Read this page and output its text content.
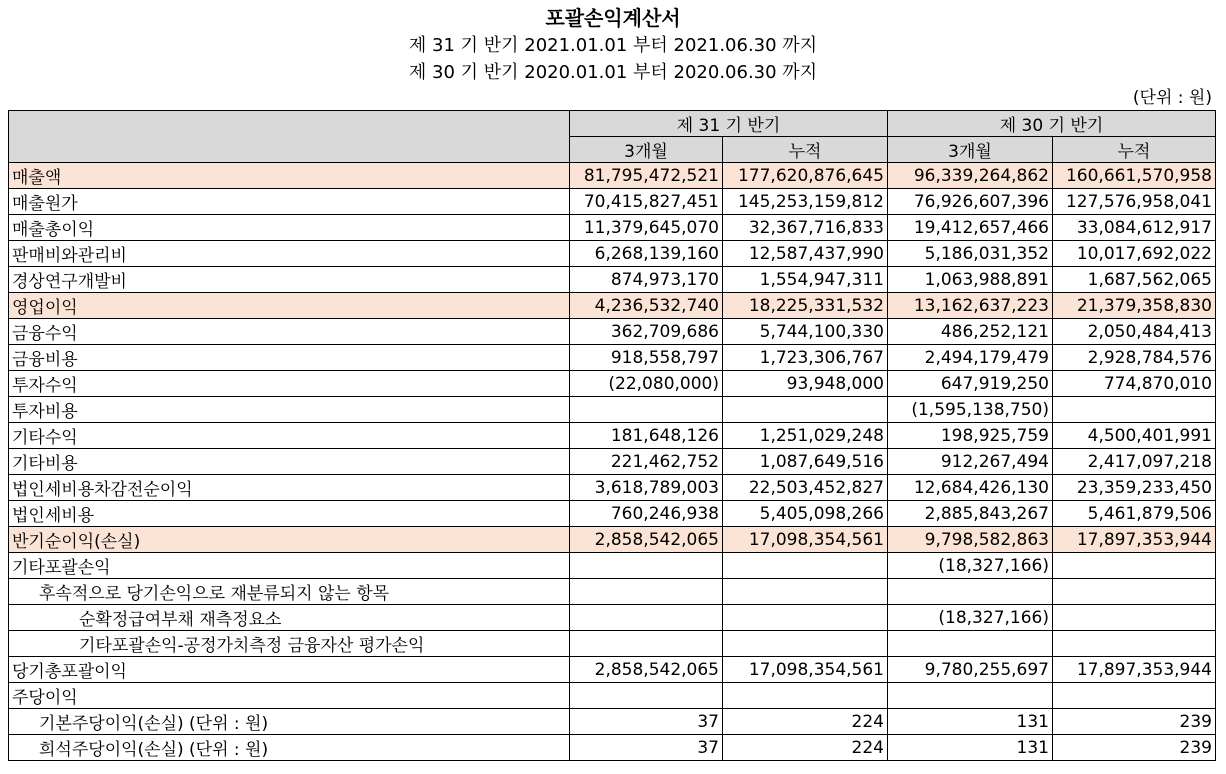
포괄손익계산서
제 31 기 반기 2021.01.01 부터 2021.06.30 까지
제 30 기 반기 2020.01.01 부터 2020.06.30 까지
(단위 : 원)
	제 31 기 반기		제 30 기 반기	
	3개월	누적	3개월	누적
매출액	81,795,472,521	177,620,876,645	96,339,264,862	160,661,570,958
매출원가	70,415,827,451	145,253,159,812	76,926,607,396	127,576,958,041
매출총이익	11,379,645,070	32,367,716,833	19,412,657,466	33,084,612,917
판매비와관리비	6,268,139,160	12,587,437,990	5,186,031,352	10,017,692,022
경상연구개발비	874,973,170	1,554,947,311	1,063,988,891	1,687,562,065
영업이익	4,236,532,740	18,225,331,532	13,162,637,223	21,379,358,830
금융수익	362,709,686	5,744,100,330	486,252,121	2,050,484,413
금융비용	918,558,797	1,723,306,767	2,494,179,479	2,928,784,576
투자수익	(22,080,000)	93,948,000	647,919,250	774,870,010
투자비용			(1,595,138,750)	
기타수익	181,648,126	1,251,029,248	198,925,759	4,500,401,991
기타비용	221,462,752	1,087,649,516	912,267,494	2,417,097,218
법인세비용차감전순이익	3,618,789,003	22,503,452,827	12,684,426,130	23,359,233,450
법인세비용	760,246,938	5,405,098,266	2,885,843,267	5,461,879,506
반기순이익(손실)	2,858,542,065	17,098,354,561	9,798,582,863	17,897,353,944
기타포괄손익			(18,327,166)	
후속적으로 당기손익으로 재분류되지 않는 항목				
순확정급여부채 재측정요소			(18,327,166)	
기타포괄손익-공정가치측정 금융자산 평가손익				
당기총포괄이익	2,858,542,065	17,098,354,561	9,780,255,697	17,897,353,944
주당이익				
기본주당이익(손실) (단위 : 원)	37	224	131	239
희석주당이익(손실) (단위 : 원)	37	224	131	239
